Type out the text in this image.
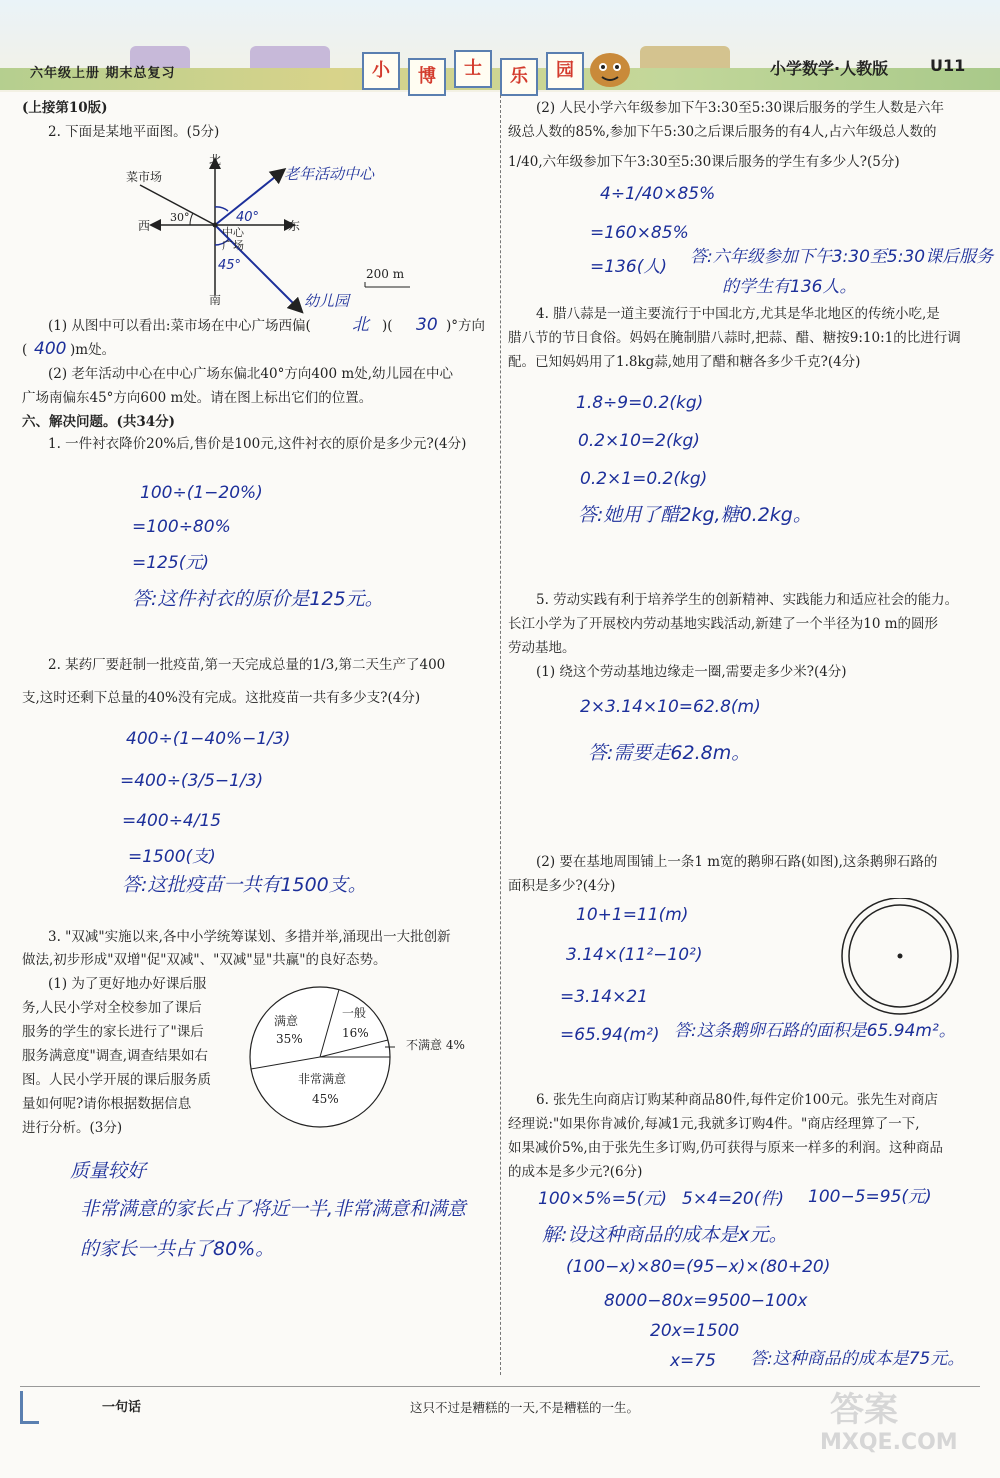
六年级上册 期末总复习	小	博	士	乐	园	小学数学·人教版	U11
(上接第10版)
2. 下面是某地平面图。(5分)
北
南
东
西
菜市场
中心广场
30°
200 m
老年活动中心
40°
45°
幼儿园
(1) 从图中可以看出:菜市场在中心广场西偏( 北 )( 30 )°方向
( 400 )m处。
(2) 老年活动中心在中心广场东偏北40°方向400 m处,幼儿园在中心
广场南偏东45°方向600 m处。请在图上标出它们的位置。
六、解决问题。(共34分)
1. 一件衬衣降价20%后,售价是100元,这件衬衣的原价是多少元?(4分)
100÷(1−20%)
=100÷80%
=125(元)
答:这件衬衣的原价是125元。
2. 某药厂要赶制一批疫苗,第一天完成总量的1/3,第二天生产了400
支,这时还剩下总量的40%没有完成。这批疫苗一共有多少支?(4分)
400÷(1−40%−1/3)
=400÷(3/5−1/3)
=400÷4/15
=1500(支)
答:这批疫苗一共有1500支。
3. "双减"实施以来,各中小学统筹谋划、多措并举,涌现出一大批创新
做法,初步形成"双增"促"双减"、"双减"显"共赢"的良好态势。
(1) 为了更好地办好课后服
务,人民小学对全校参加了课后
服务的学生的家长进行了"课后
服务满意度"调查,调查结果如右
图。人民小学开展的课后服务质
量如何呢?请你根据数据信息
进行分析。(3分)
满意
35%
一般
16%
不满意 4%
非常满意
45%
质量较好
非常满意的家长占了将近一半,非常满意和满意
的家长一共占了80%。
(2) 人民小学六年级参加下午3:30至5:30课后服务的学生人数是六年
级总人数的85%,参加下午5:30之后课后服务的有4人,占六年级总人数的
1/40,六年级参加下午3:30至5:30课后服务的学生有多少人?(5分)
4÷1/40×85%
=160×85%
=136(人) 答:六年级参加下午3:30至5:30课后服务
的学生有136人。
4. 腊八蒜是一道主要流行于中国北方,尤其是华北地区的传统小吃,是
腊八节的节日食俗。妈妈在腌制腊八蒜时,把蒜、醋、糖按9:10:1的比进行调
配。已知妈妈用了1.8kg蒜,她用了醋和糖各多少千克?(4分)
1.8÷9=0.2(kg)
0.2×10=2(kg)
0.2×1=0.2(kg)
答:她用了醋2kg,糖0.2kg。
5. 劳动实践有利于培养学生的创新精神、实践能力和适应社会的能力。
长江小学为了开展校内劳动基地实践活动,新建了一个半径为10 m的圆形
劳动基地。
(1) 绕这个劳动基地边缘走一圈,需要走多少米?(4分)
2×3.14×10=62.8(m)
答:需要走62.8m。
(2) 要在基地周围铺上一条1 m宽的鹅卵石路(如图),这条鹅卵石路的
面积是多少?(4分)
10+1=11(m)
3.14×(11²−10²)
=3.14×21
=65.94(m²) 答:这条鹅卵石路的面积是65.94m²。
6. 张先生向商店订购某种商品80件,每件定价100元。张先生对商店
经理说:"如果你肯减价,每减1元,我就多订购4件。"商店经理算了一下,
如果减价5%,由于张先生多订购,仍可获得与原来一样多的利润。这种商品
的成本是多少元?(6分)
100×5%=5(元) 5×4=20(件) 100−5=95(元)
解:设这种商品的成本是x元。
(100−x)×80=(95−x)×(80+20)
8000−80x=9500−100x
20x=1500
x=75 答:这种商品的成本是75元。
一句话	这只不过是糟糕的一天,不是糟糕的一生。	答案
MXQE.COM
